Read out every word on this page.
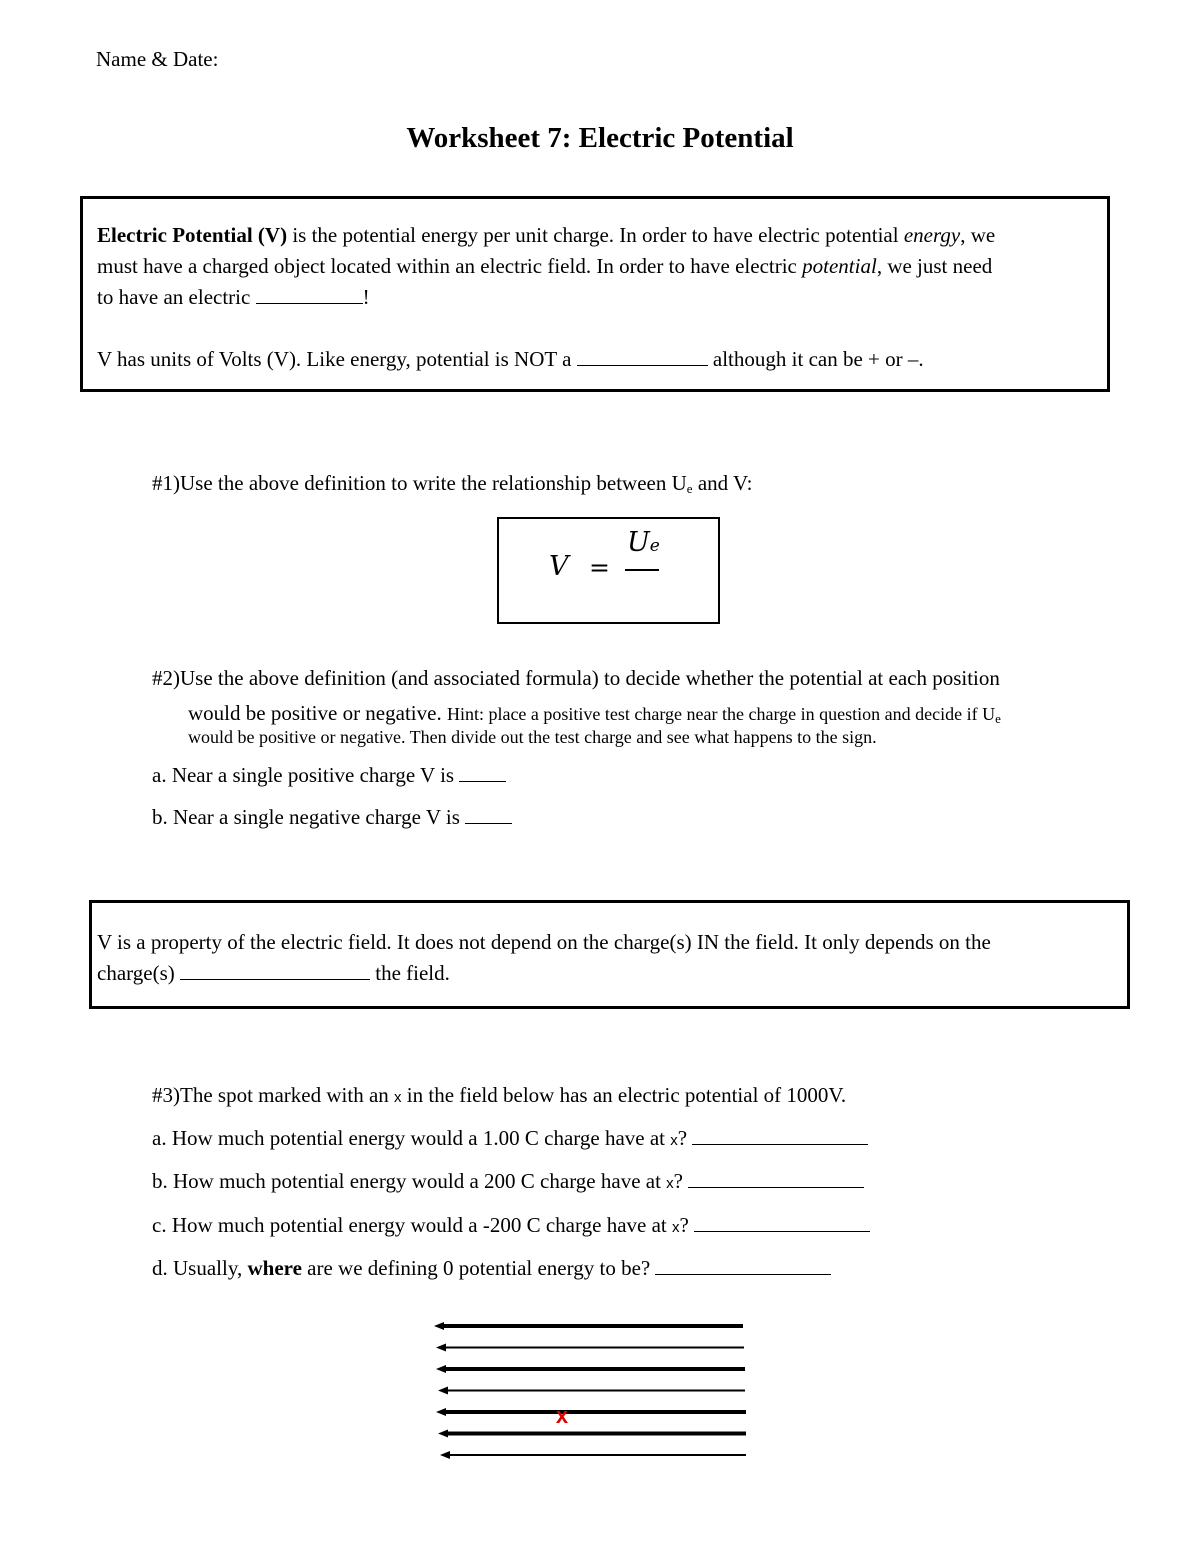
Name & Date:
Worksheet 7: Electric Potential
Electric Potential (V) is the potential energy per unit charge. In order to have electric potential energy, we
must have a charged object located within an electric field. In order to have electric potential, we just need
to have an electric	!
V has units of Volts (V). Like energy, potential is NOT a	although it can be + or –.
#1)Use the above definition to write the relationship between Ue and V:
V =
Ue
#2)Use the above definition (and associated formula) to decide whether the potential at each position
would be positive or negative. Hint: place a positive test charge near the charge in question and decide if Ue
would be positive or negative. Then divide out the test charge and see what happens to the sign.
a. Near a single positive charge V is
b. Near a single negative charge V is
V is a property of the electric field. It does not depend on the charge(s) IN the field. It only depends on the
charge(s)	the field.
#3)The spot marked with an x in the field below has an electric potential of 1000V.
a. How much potential energy would a 1.00 C charge have at x?
b. How much potential energy would a 200 C charge have at x?
c. How much potential energy would a -200 C charge have at x?
d. Usually, where are we defining 0 potential energy to be?
x
